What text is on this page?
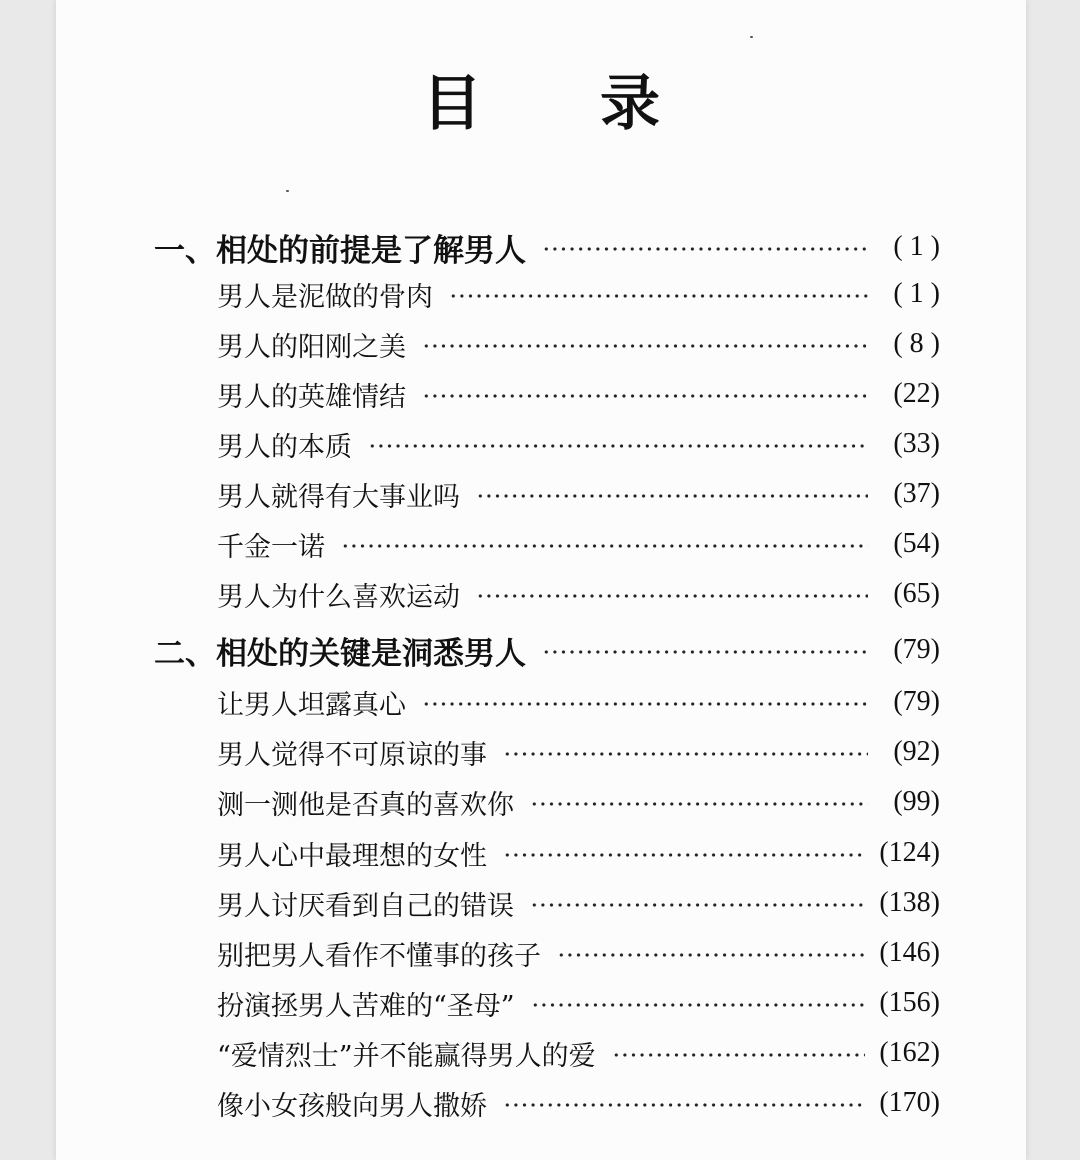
目 录
一、相处的前提是了解男人	( 1 )
男人是泥做的骨肉	( 1 )
男人的阳刚之美	( 8 )
男人的英雄情结	(22)
男人的本质	(33)
男人就得有大事业吗	(37)
千金一诺	(54)
男人为什么喜欢运动	(65)
二、相处的关键是洞悉男人	(79)
让男人坦露真心	(79)
男人觉得不可原谅的事	(92)
测一测他是否真的喜欢你	(99)
男人心中最理想的女性	(124)
男人讨厌看到自己的错误	(138)
别把男人看作不懂事的孩子	(146)
扮演拯男人苦难的“圣母”	(156)
“爱情烈士”并不能赢得男人的爱	(162)
像小女孩般向男人撒娇	(170)
